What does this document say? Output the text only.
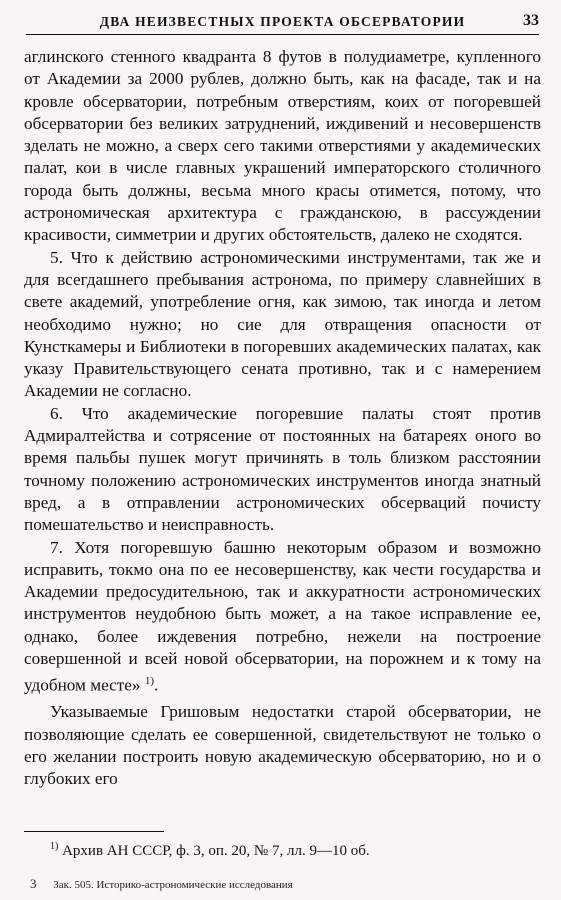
ДВА НЕИЗВЕСТНЫХ ПРОЕКТА ОБСЕРВАТОРИИ	33

аглинского стенного квадранта 8 футов в полудиаметре, купленного от Академии за 2000 рублев, должно быть, как на фасаде, так и на кровле обсерватории, потребным отверстиям, коих от погоревшей обсерватории без великих затруднений, иждивений и несовершенств зделать не можно, а сверх сего такими отверстиями у академических палат, кои в числе главных украшений императорского столичного города быть должны, весьма много красы отимется, потому, что астрономическая архитектура с гражданскою, в рассуждении красивости, симметрии и других обстоятельств, далеко не сходятся.

5. Что к действию астрономическими инструментами, так же и для всегдашнего пребывания астронома, по примеру славнейших в свете академий, употребление огня, как зимою, так иногда и летом необходимо нужно; но сие для отвращения опасности от Кунсткамеры и Библиотеки в погоревших академических палатах, как указу Правительствующего сената противно, так и с намерением Академии не согласно.

6. Что академические погоревшие палаты стоят против Адмиралтейства и сотрясение от постоянных на батареях оного во время пальбы пушек могут причинять в толь близком расстоянии точному положению астрономических инструментов иногда знатный вред, а в отправлении астрономических обсерваций почисту помешательство и неисправность.

7. Хотя погоревшую башню некоторым образом и возможно исправить, токмо она по ее несовершенству, как чести государства и Академии предосудительною, так и аккуратности астрономических инструментов неудобною быть может, а на такое исправление ее, однако, более иждевения потребно, нежели на построение совершенной и всей новой обсерватории, на порожнем и к тому на удобном месте» $^{1)}$.

Указываемые Гришовым недостатки старой обсерватории, не позволяющие сделать ее совершенной, свидетельствуют не только о его желании построить новую академическую обсерваторию, но и о глубоких его

$^{1)}$ Архив АН СССР, ф. 3, оп. 20, № 7, лл. 9—10 об.
3 Зак. 505. Историко-астрономические исследования
